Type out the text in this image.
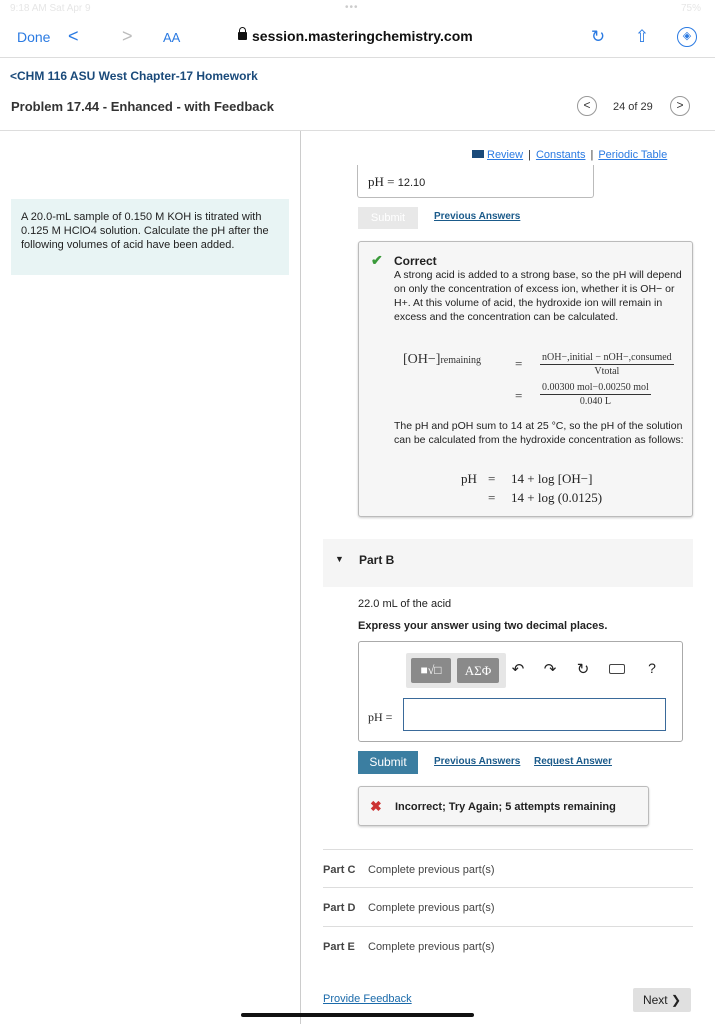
9:18 AM Sat Apr 9	•••	75%
Done < > AA	session.masteringchemistry.com	↻ ⇧	◈
<CHM 116 ASU West Chapter-17 Homework
Problem 17.44 - Enhanced - with Feedback	<	24 of 29	>
A 20.0-mL sample of 0.150 M KOH is titrated with 0.125 M HClO4 solution. Calculate the pH after the following volumes of acid have been added.
Review | Constants | Periodic Table
pH = 12.10
Submit	Previous Answers
✔ Correct
A strong acid is added to a strong base, so the pH will depend on only the concentration of excess ion, whether it is OH− or H+. At this volume of acid, the hydroxide ion will remain in excess and the concentration can be calculated.
[OH−]remaining	= nOH−,initial − nOH−,consumed
Vtotal
=
0.00300 mol−0.00250 mol
0.040 L
The pH and pOH sum to 14 at 25 °C, so the pH of the solution can be calculated from the hydroxide concentration as follows:
pH = 14 + log [OH−]
= 14 + log (0.0125)
▼ Part B
22.0 mL of the acid
Express your answer using two decimal places.
■√□	ΑΣΦ	↶ ↷ ↻	?
pH =
Submit	Previous Answers Request Answer
✖ Incorrect; Try Again; 5 attempts remaining
Part C Complete previous part(s)
Part D Complete previous part(s)
Part E Complete previous part(s)
Provide Feedback	Next ❯
